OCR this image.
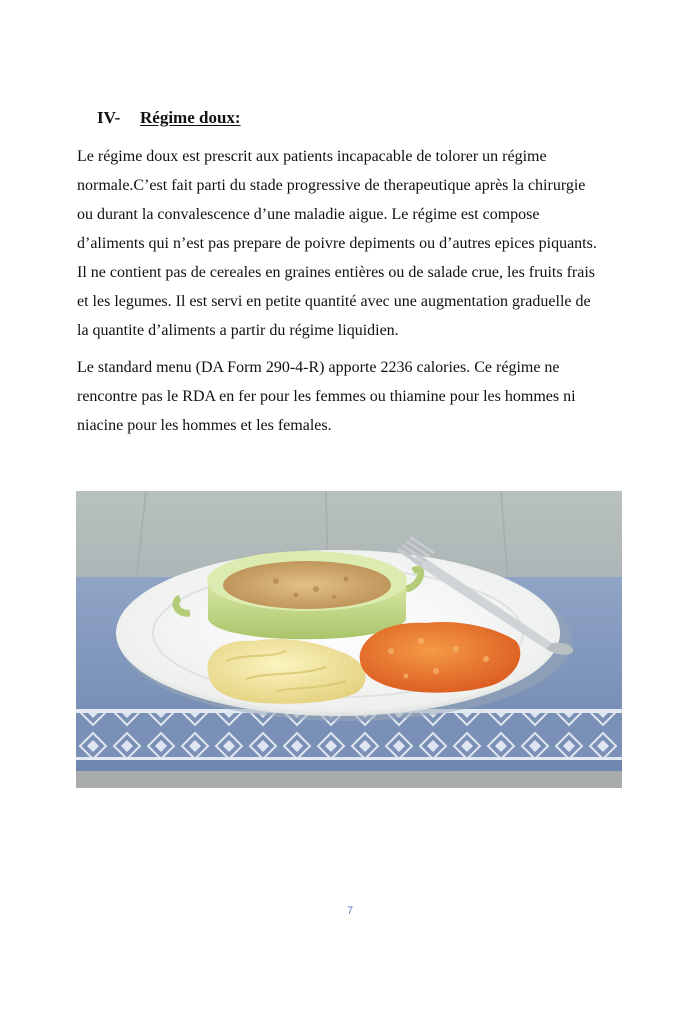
IV- Régime doux:

Le régime doux est prescrit aux patients incapacable de tolorer un régime
normale.C’est fait parti du stade progressive de therapeutique après la chirurgie
ou durant la convalescence d’une maladie aigue. Le régime est compose
d’aliments qui n’est pas prepare de poivre depiments ou d’autres epices piquants.
Il ne contient pas de cereales en graines entières ou de salade crue, les fruits frais
et les legumes. Il est servi en petite quantité avec une augmentation graduelle de
la quantite d’aliments a partir du régime liquidien.

Le standard menu (DA Form 290-4-R) apporte 2236 calories. Ce régime ne
rencontre pas le RDA en fer pour les femmes ou thiamine pour les hommes ni
niacine pour les hommes et les females.

7
